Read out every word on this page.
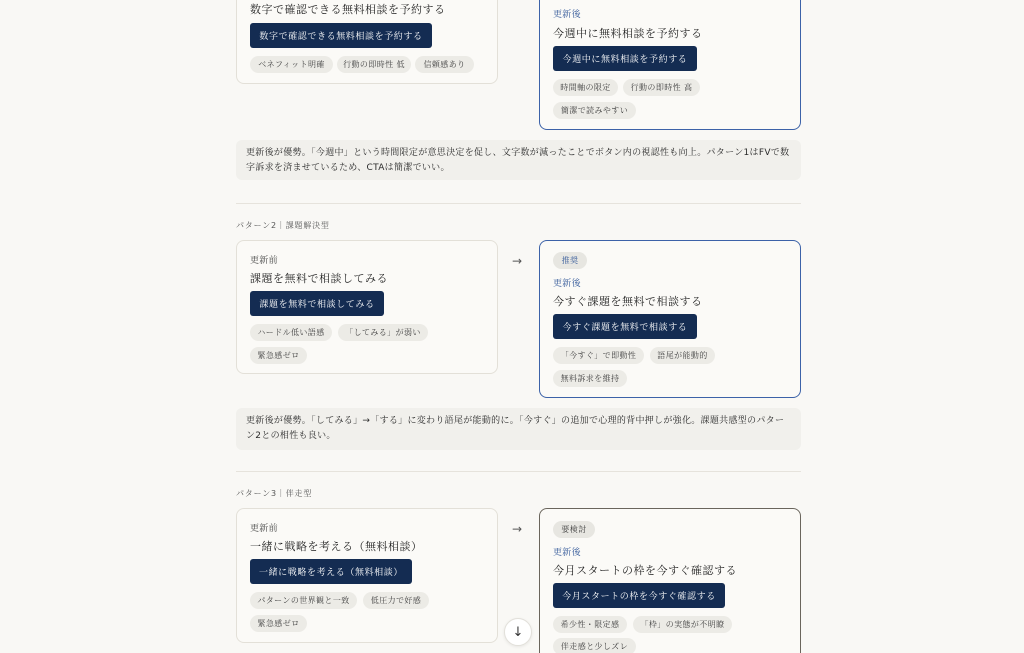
数字で確認できる無料相談を予約する
数字で確認できる無料相談を予約する
ベネフィット明確	行動の即時性 低	信頼感あり
更新後
今週中に無料相談を予約する
今週中に無料相談を予約する
時間軸の限定	行動の即時性 高
簡潔で読みやすい
更新後が優勢。「今週中」という時間限定が意思決定を促し、文字数が減ったことでボタン内の視認性も向上。パターン1はFVで数字訴求を済ませているため、CTAは簡潔でいい。
パターン2｜課題解決型
更新前
課題を無料で相談してみる
課題を無料で相談してみる
ハードル低い語感	「してみる」が弱い
緊急感ゼロ
→	推奨
更新後
今すぐ課題を無料で相談する
今すぐ課題を無料で相談する
「今すぐ」で即動性	語尾が能動的
無料訴求を維持
更新後が優勢。「してみる」→「する」に変わり語尾が能動的に。「今すぐ」の追加で心理的背中押しが強化。課題共感型のパターン2との相性も良い。
パターン3｜伴走型
更新前
一緒に戦略を考える（無料相談）
一緒に戦略を考える（無料相談）
パターンの世界観と一致	低圧力で好感
緊急感ゼロ
→	要検討
更新後
今月スタートの枠を今すぐ確認する
今月スタートの枠を今すぐ確認する
希少性・限定感	「枠」の実態が不明瞭
伴走感と少しズレ
↓
